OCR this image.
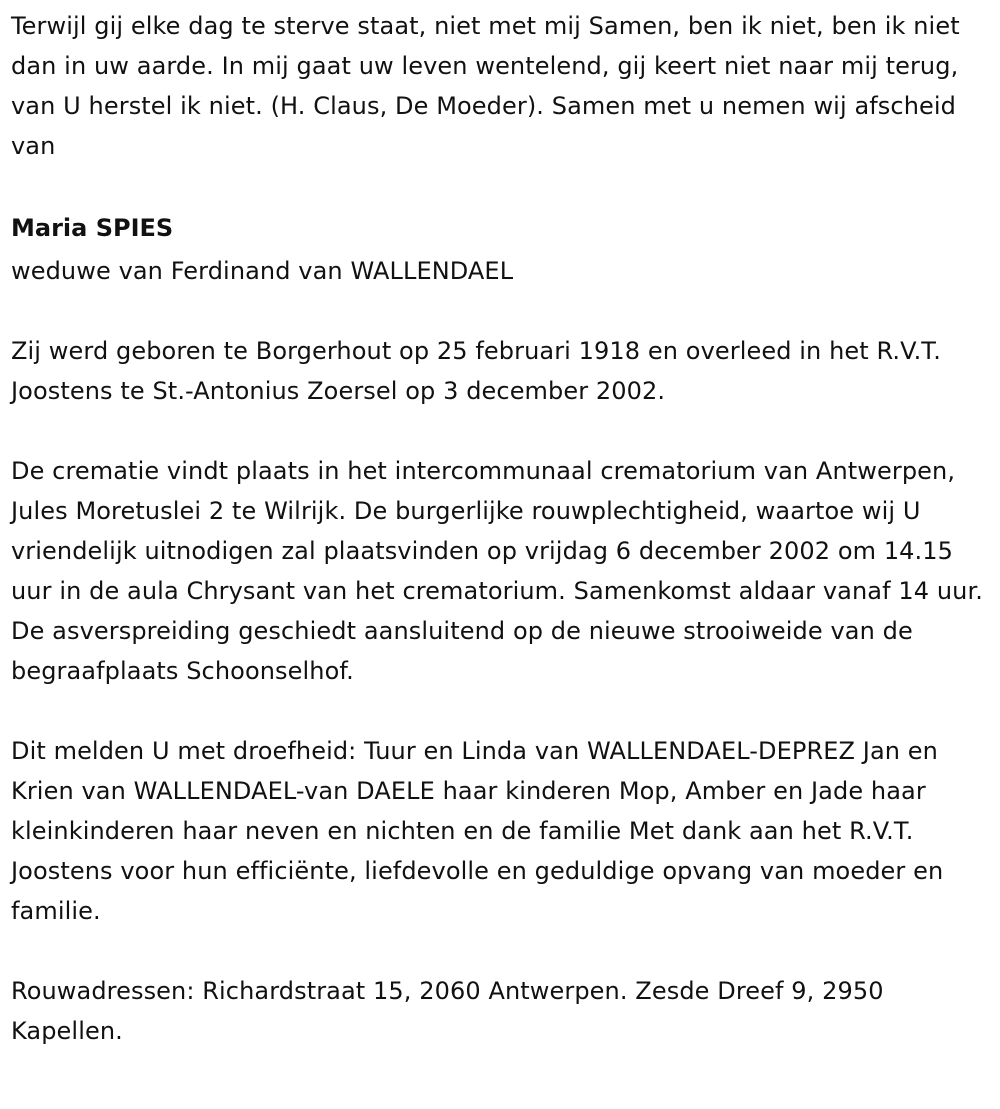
Terwijl gij elke dag te sterve staat, niet met mij Samen, ben ik niet, ben ik niet dan in uw aarde. In mij gaat uw leven wentelend, gij keert niet naar mij terug, van U herstel ik niet. (H. Claus, De Moeder). Samen met u nemen wij afscheid van

Maria SPIES

weduwe van Ferdinand van WALLENDAEL

Zij werd geboren te Borgerhout op 25 februari 1918 en overleed in het R.V.T. Joostens te St.-Antonius Zoersel op 3 december 2002.

De crematie vindt plaats in het intercommunaal crematorium van Antwerpen, Jules Moretuslei 2 te Wilrijk. De burgerlijke rouwplechtigheid, waartoe wij U vriendelijk uitnodigen zal plaatsvinden op vrijdag 6 december 2002 om 14.15 uur in de aula Chrysant van het crematorium. Samenkomst aldaar vanaf 14 uur. De asverspreiding geschiedt aansluitend op de nieuwe strooiweide van de begraafplaats Schoonselhof.

Dit melden U met droefheid: Tuur en Linda van WALLENDAEL-DEPREZ Jan en Krien van WALLENDAEL-van DAELE haar kinderen Mop, Amber en Jade haar kleinkinderen haar neven en nichten en de familie Met dank aan het R.V.T. Joostens voor hun efficiënte, liefdevolle en geduldige opvang van moeder en familie.

Rouwadressen: Richardstraat 15, 2060 Antwerpen. Zesde Dreef 9, 2950 Kapellen.
